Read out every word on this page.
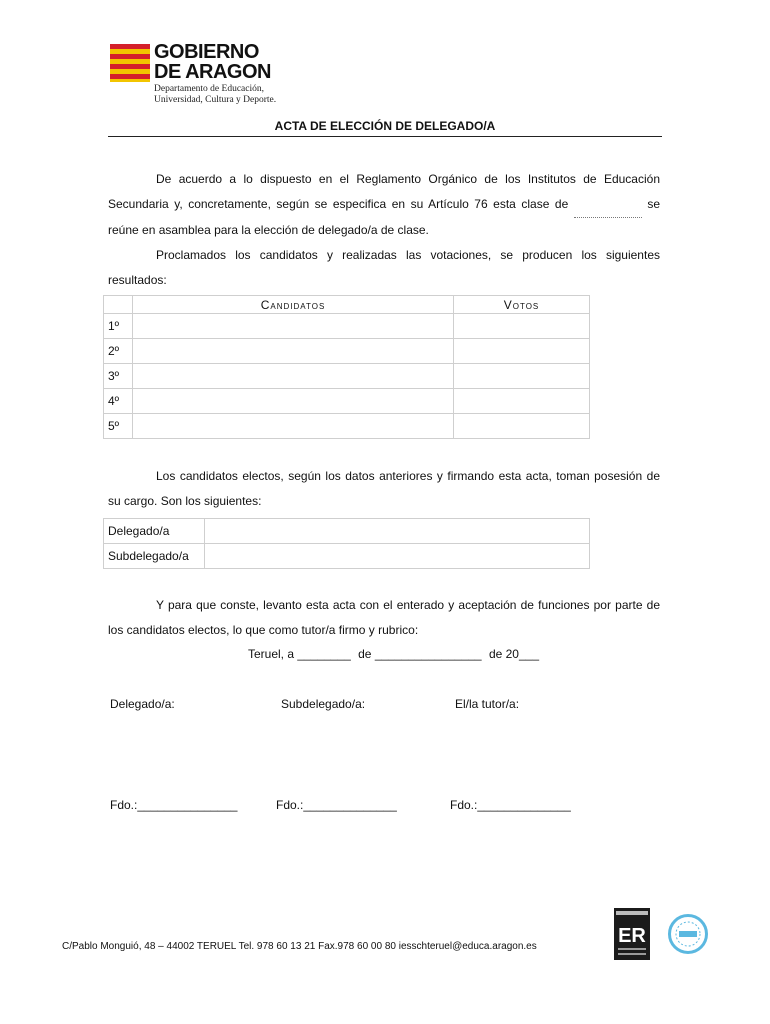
GOBIERNO
DE ARAGON
Departamento de Educación,
Universidad, Cultura y Deporte.
ACTA DE ELECCIÓN DE DELEGADO/A
De acuerdo a lo dispuesto en el Reglamento Orgánico de los Institutos de Educación Secundaria y, concretamente, según se especifica en su Artículo 76 esta clase de	se reúne en asamblea para la elección de delegado/a de clase.
Proclamados los candidatos y realizadas las votaciones, se producen los siguientes resultados:
	Candidatos	Votos
1º		
2º		
3º		
4º		
5º		
Los candidatos electos, según los datos anteriores y firmando esta acta, toman posesión de su cargo. Son los siguientes:
Delegado/a	
Subdelegado/a	
Y para que conste, levanto esta acta con el enterado y aceptación de funciones por parte de los candidatos electos, lo que como tutor/a firmo y rubrico:
Teruel, a ________ de ________________ de 20___
Delegado/a:	Subdelegado/a:	El/la tutor/a:
Fdo.:_______________	Fdo.:______________	Fdo.:______________
C/Pablo Monguió, 48 – 44002 TERUEL Tel. 978 60 13 21 Fax.978 60 00 80 iesschteruel@educa.aragon.es	ER
